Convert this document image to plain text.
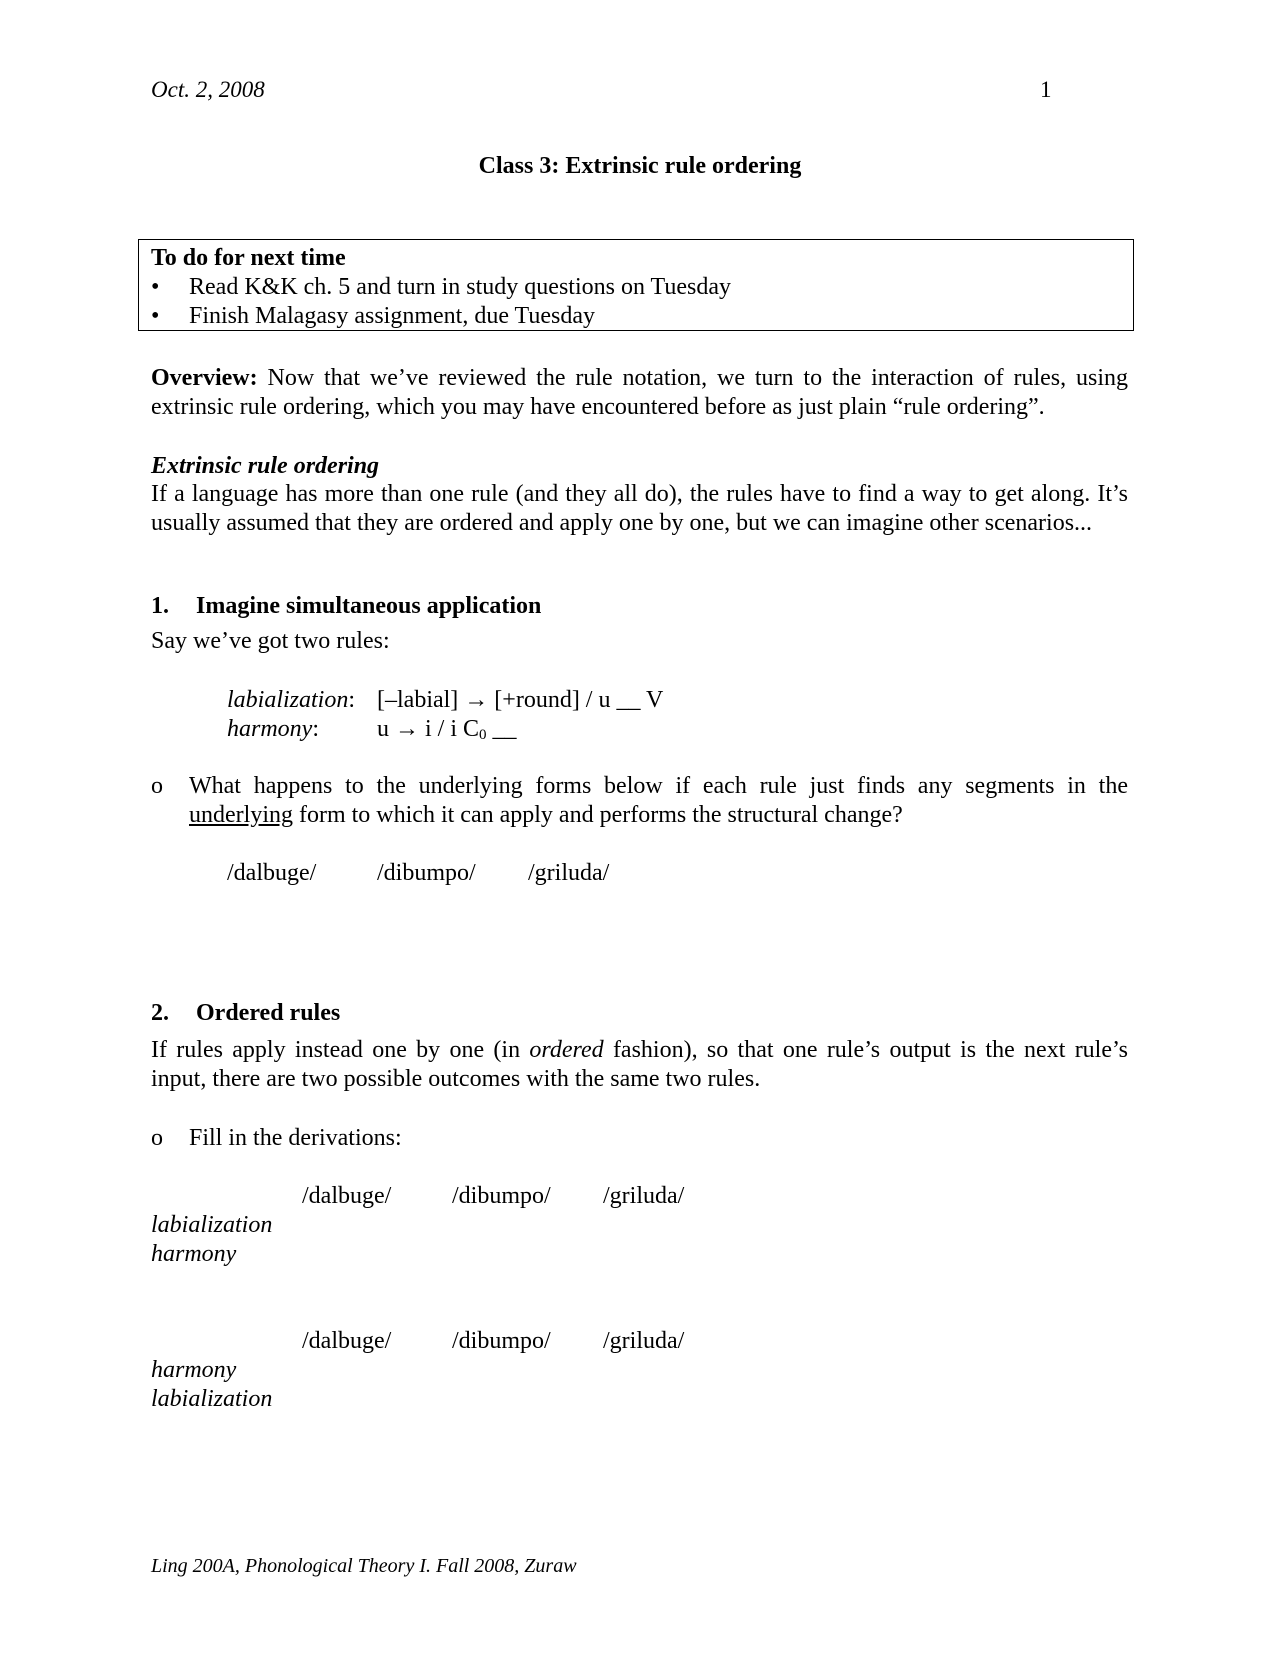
Oct. 2, 2008	1
Class 3: Extrinsic rule ordering
To do for next time
• Read K&K ch. 5 and turn in study questions on Tuesday
• Finish Malagasy assignment, due Tuesday
Overview: Now that we’ve reviewed the rule notation, we turn to the interaction of rules, using extrinsic rule ordering, which you may have encountered before as just plain “rule ordering”.
Extrinsic rule ordering
If a language has more than one rule (and they all do), the rules have to find a way to get along. It’s usually assumed that they are ordered and apply one by one, but we can imagine other scenarios...
1. Imagine simultaneous application
Say we’ve got two rules:
labialization: [–labial] → [+round] / u __ V
harmony: u → i / i $C_0$ __
o What happens to the underlying forms below if each rule just finds any segments in the underlying form to which it can apply and performs the structural change?
/dalbuge/	/dibumpo/ /griluda/
2. Ordered rules
If rules apply instead one by one (in ordered fashion), so that one rule’s output is the next rule’s input, there are two possible outcomes with the same two rules.
o Fill in the derivations:
/dalbuge/	/dibumpo/ /griluda/
labialization
harmony
/dalbuge/	/dibumpo/ /griluda/
harmony
labialization
Ling 200A, Phonological Theory I. Fall 2008, Zuraw
